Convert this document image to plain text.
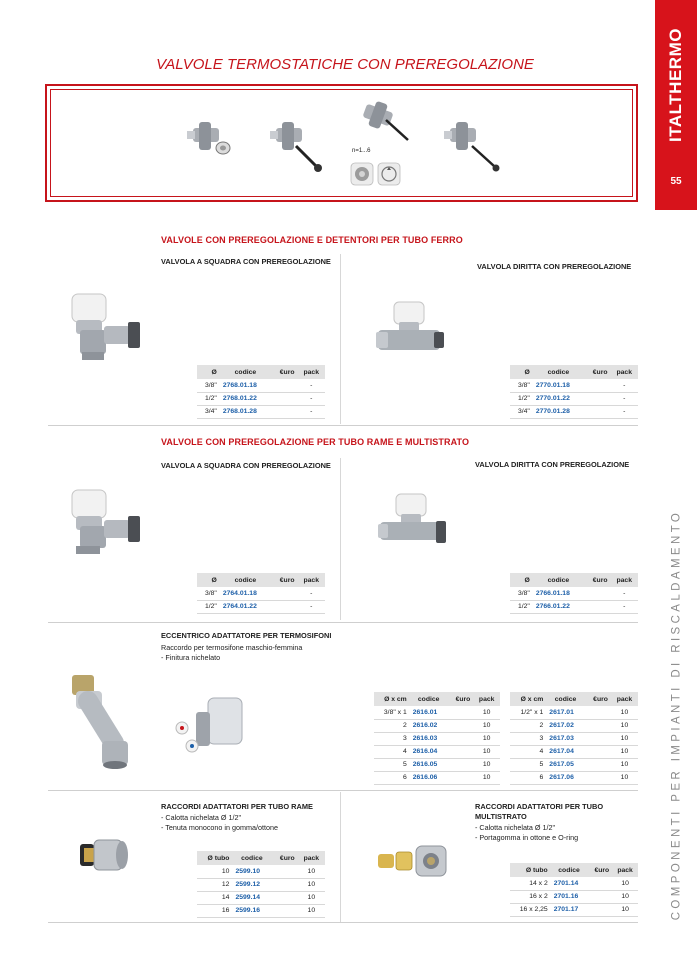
ITALTHERMO
55
COMPONENTI PER IMPIANTI DI RISCALDAMENTO
VALVOLE TERMOSTATICHE CON PREREGOLAZIONE
n=1...6
VALVOLE CON PREREGOLAZIONE E DETENTORI PER TUBO FERRO
VALVOLA A SQUADRA CON PREREGOLAZIONE
VALVOLA DIRITTA CON PREREGOLAZIONE
Ø	codice	€uro	pack
3/8"	2768.01.18		-
1/2"	2768.01.22		-
3/4"	2768.01.28		-
Ø	codice	€uro	pack
3/8"	2770.01.18		-
1/2"	2770.01.22		-
3/4"	2770.01.28		-
VALVOLE CON PREREGOLAZIONE PER TUBO RAME E MULTISTRATO
VALVOLA A SQUADRA CON PREREGOLAZIONE	VALVOLA DIRITTA CON PREREGOLAZIONE
Ø	codice	€uro	pack
3/8"	2764.01.18		-
1/2"	2764.01.22		-
Ø	codice	€uro	pack
3/8"	2766.01.18		-
1/2"	2766.01.22		-
ECCENTRICO ADATTATORE PER TERMOSIFONI
Raccordo per termosifone maschio-femmina
- Finitura nichelato
Ø x cm	codice	€uro	pack
3/8" x 1	2616.01		10
2	2616.02		10
3	2616.03		10
4	2616.04		10
5	2616.05		10
6	2616.06		10
Ø x cm	codice	€uro	pack
1/2" x 1	2617.01		10
2	2617.02		10
3	2617.03		10
4	2617.04		10
5	2617.05		10
6	2617.06		10
RACCORDI ADATTATORI PER TUBO RAME
- Calotta nichelata Ø 1/2"
- Tenuta monocono in gomma/ottone
Ø tubo	codice	€uro	pack
10	2599.10		10
12	2599.12		10
14	2599.14		10
16	2599.16		10
RACCORDI ADATTATORI PER TUBO
MULTISTRATO
- Calotta nichelata Ø 1/2"
- Portagomma in ottone e O-ring
Ø tubo	codice	€uro	pack
14 x 2	2701.14		10
16 x 2	2701.16		10
16 x 2,25	2701.17		10
